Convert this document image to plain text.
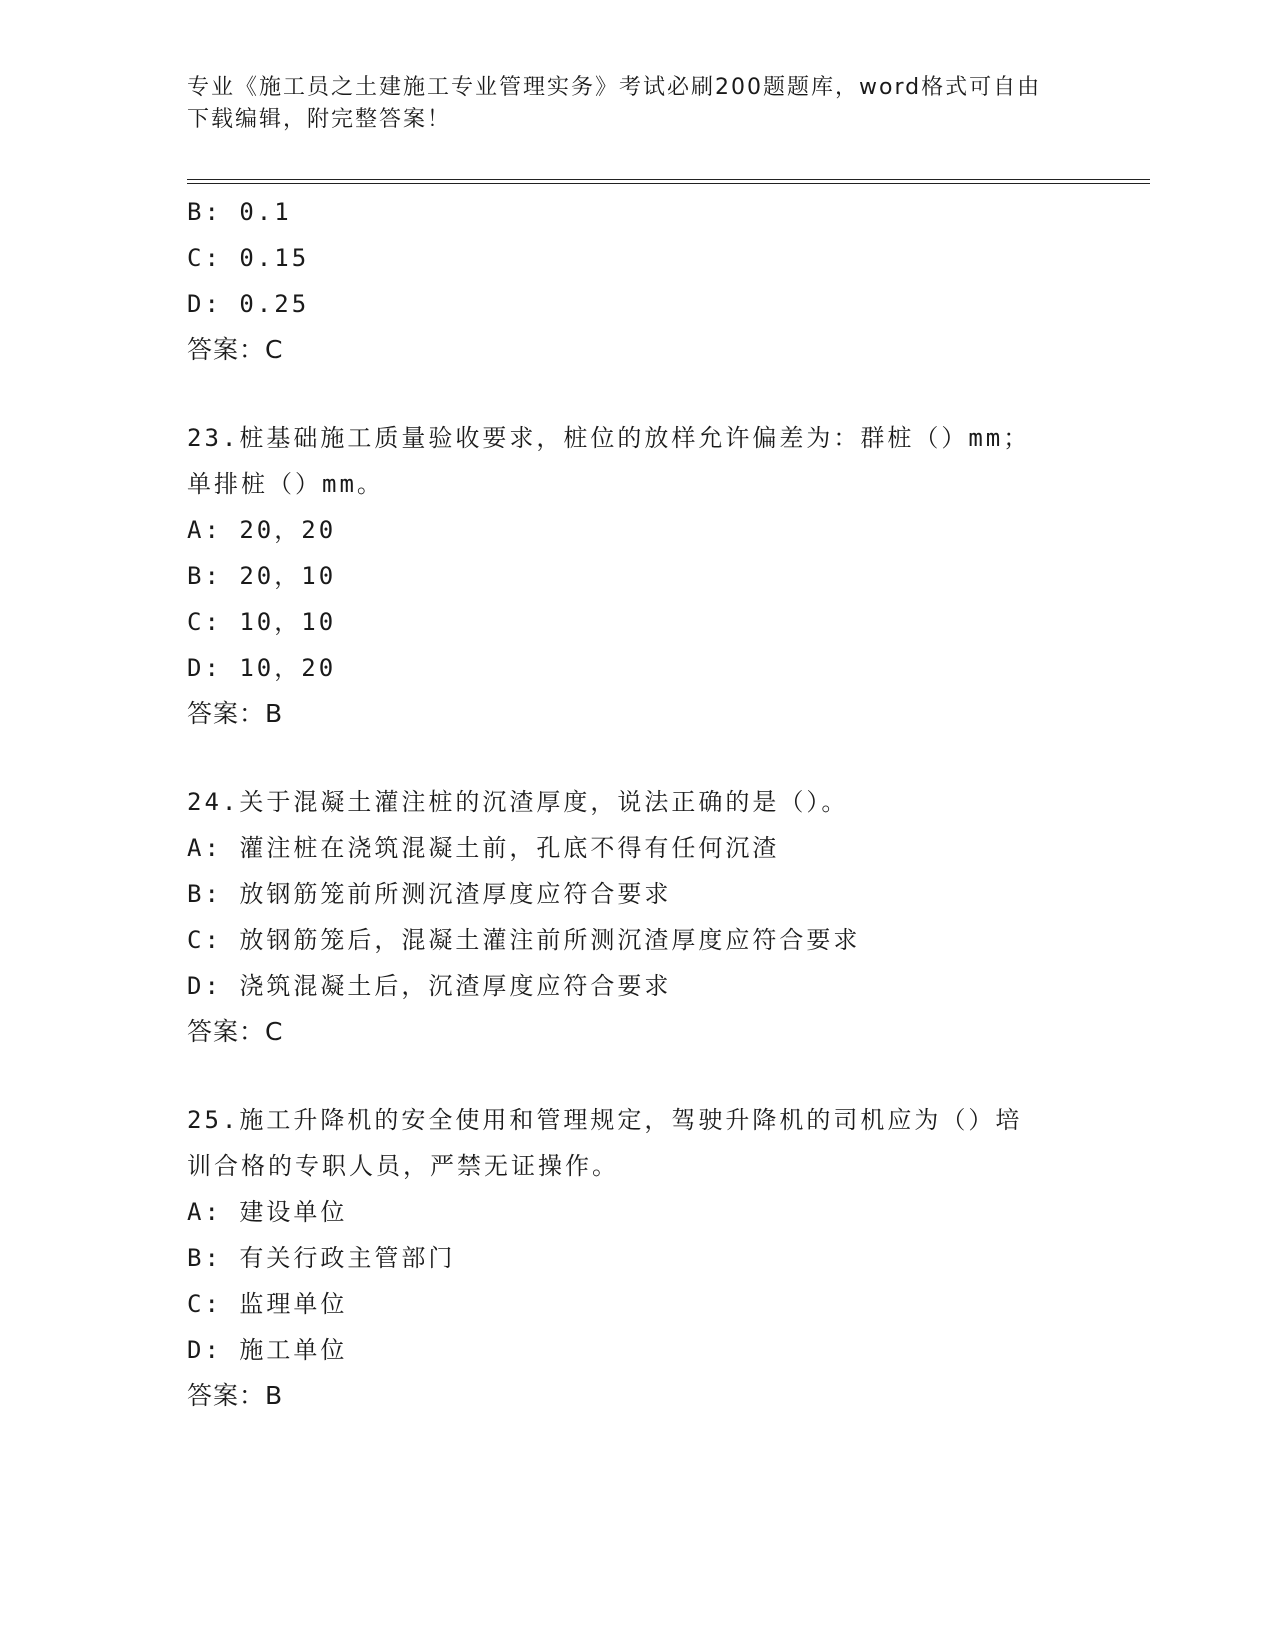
专业《施工员之土建施工专业管理实务》考试必刷200题题库，word格式可自由
下载编辑，附完整答案！
B: 0.1
C: 0.15
D: 0.25
答案：C
23.桩基础施工质量验收要求，桩位的放样允许偏差为：群桩（）mm；
单排桩（）mm。
A: 20，20
B: 20，10
C: 10，10
D: 10，20
答案：B
24.关于混凝土灌注桩的沉渣厚度，说法正确的是（）。
A: 灌注桩在浇筑混凝土前，孔底不得有任何沉渣
B: 放钢筋笼前所测沉渣厚度应符合要求
C: 放钢筋笼后，混凝土灌注前所测沉渣厚度应符合要求
D: 浇筑混凝土后，沉渣厚度应符合要求
答案：C
25.施工升降机的安全使用和管理规定，驾驶升降机的司机应为（）培
训合格的专职人员，严禁无证操作。
A: 建设单位
B: 有关行政主管部门
C: 监理单位
D: 施工单位
答案：B
